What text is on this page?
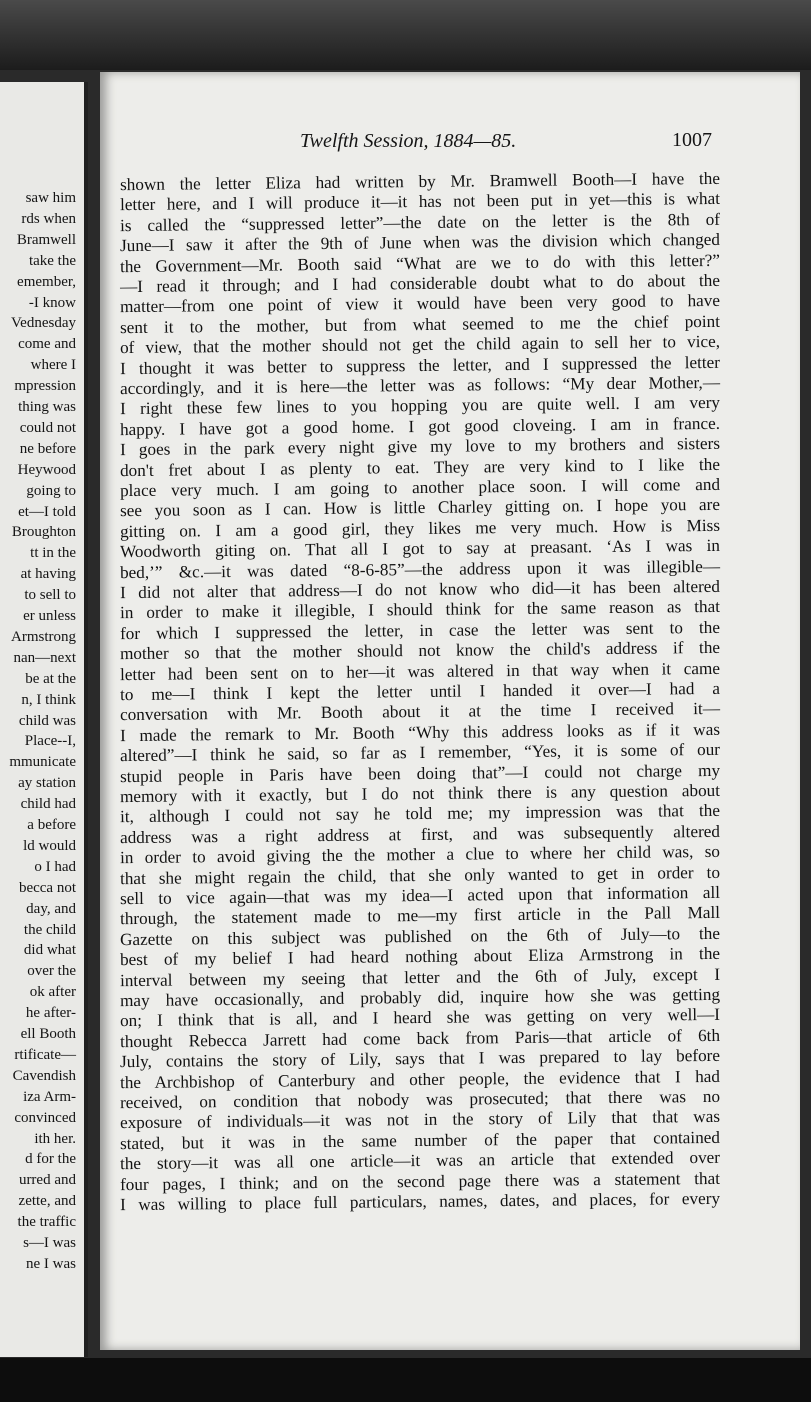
saw him
rds when
Bramwell
take the
emember,
-I know
Vednesday
come and
where I
mpression
thing was
could not
ne before
Heywood
going to
et—I told
Broughton
tt in the
at having
to sell to
er unless
Armstrong
nan—next
be at the
n, I think
child was
Place--I,
mmunicate
ay station
child had
a before
ld would
o I had
becca not
day, and
the child
did what
over the
ok after
he after-
ell Booth
rtificate—
Cavendish
iza Arm-
convinced
ith her.
d for the
urred and
zette, and
the traffic
s—I was
ne I was
Twelfth Session, 1884—85.	1007
shown the letter Eliza had written by Mr. Bramwell Booth—I have the
letter here, and I will produce it—it has not been put in yet—this is what
is called the “suppressed letter”—the date on the letter is the 8th of
June—I saw it after the 9th of June when was the division which changed
the Government—Mr. Booth said “What are we to do with this letter?”
—I read it through; and I had considerable doubt what to do about the
matter—from one point of view it would have been very good to have
sent it to the mother, but from what seemed to me the chief point
of view, that the mother should not get the child again to sell her to vice,
I thought it was better to suppress the letter, and I suppressed the letter
accordingly, and it is here—the letter was as follows: “My dear Mother,—
I right these few lines to you hopping you are quite well. I am very
happy. I have got a good home. I got good cloveing. I am in france.
I goes in the park every night give my love to my brothers and sisters
don't fret about I as plenty to eat. They are very kind to I like the
place very much. I am going to another place soon. I will come and
see you soon as I can. How is little Charley gitting on. I hope you are
gitting on. I am a good girl, they likes me very much. How is Miss
Woodworth giting on. That all I got to say at preasant. ‘As I was in
bed,’” &c.—it was dated “8-6-85”—the address upon it was illegible—
I did not alter that address—I do not know who did—it has been altered
in order to make it illegible, I should think for the same reason as that
for which I suppressed the letter, in case the letter was sent to the
mother so that the mother should not know the child's address if the
letter had been sent on to her—it was altered in that way when it came
to me—I think I kept the letter until I handed it over—I had a
conversation with Mr. Booth about it at the time I received it—
I made the remark to Mr. Booth “Why this address looks as if it was
altered”—I think he said, so far as I remember, “Yes, it is some of our
stupid people in Paris have been doing that”—I could not charge my
memory with it exactly, but I do not think there is any question about
it, although I could not say he told me; my impression was that the
address was a right address at first, and was subsequently altered
in order to avoid giving the the mother a clue to where her child was, so
that she might regain the child, that she only wanted to get in order to
sell to vice again—that was my idea—I acted upon that information all
through, the statement made to me—my first article in the Pall Mall
Gazette on this subject was published on the 6th of July—to the
best of my belief I had heard nothing about Eliza Armstrong in the
interval between my seeing that letter and the 6th of July, except I
may have occasionally, and probably did, inquire how she was getting
on; I think that is all, and I heard she was getting on very well—I
thought Rebecca Jarrett had come back from Paris—that article of 6th
July, contains the story of Lily, says that I was prepared to lay before
the Archbishop of Canterbury and other people, the evidence that I had
received, on condition that nobody was prosecuted; that there was no
exposure of individuals—it was not in the story of Lily that that was
stated, but it was in the same number of the paper that contained
the story—it was all one article—it was an article that extended over
four pages, I think; and on the second page there was a statement that
I was willing to place full particulars, names, dates, and places, for every
